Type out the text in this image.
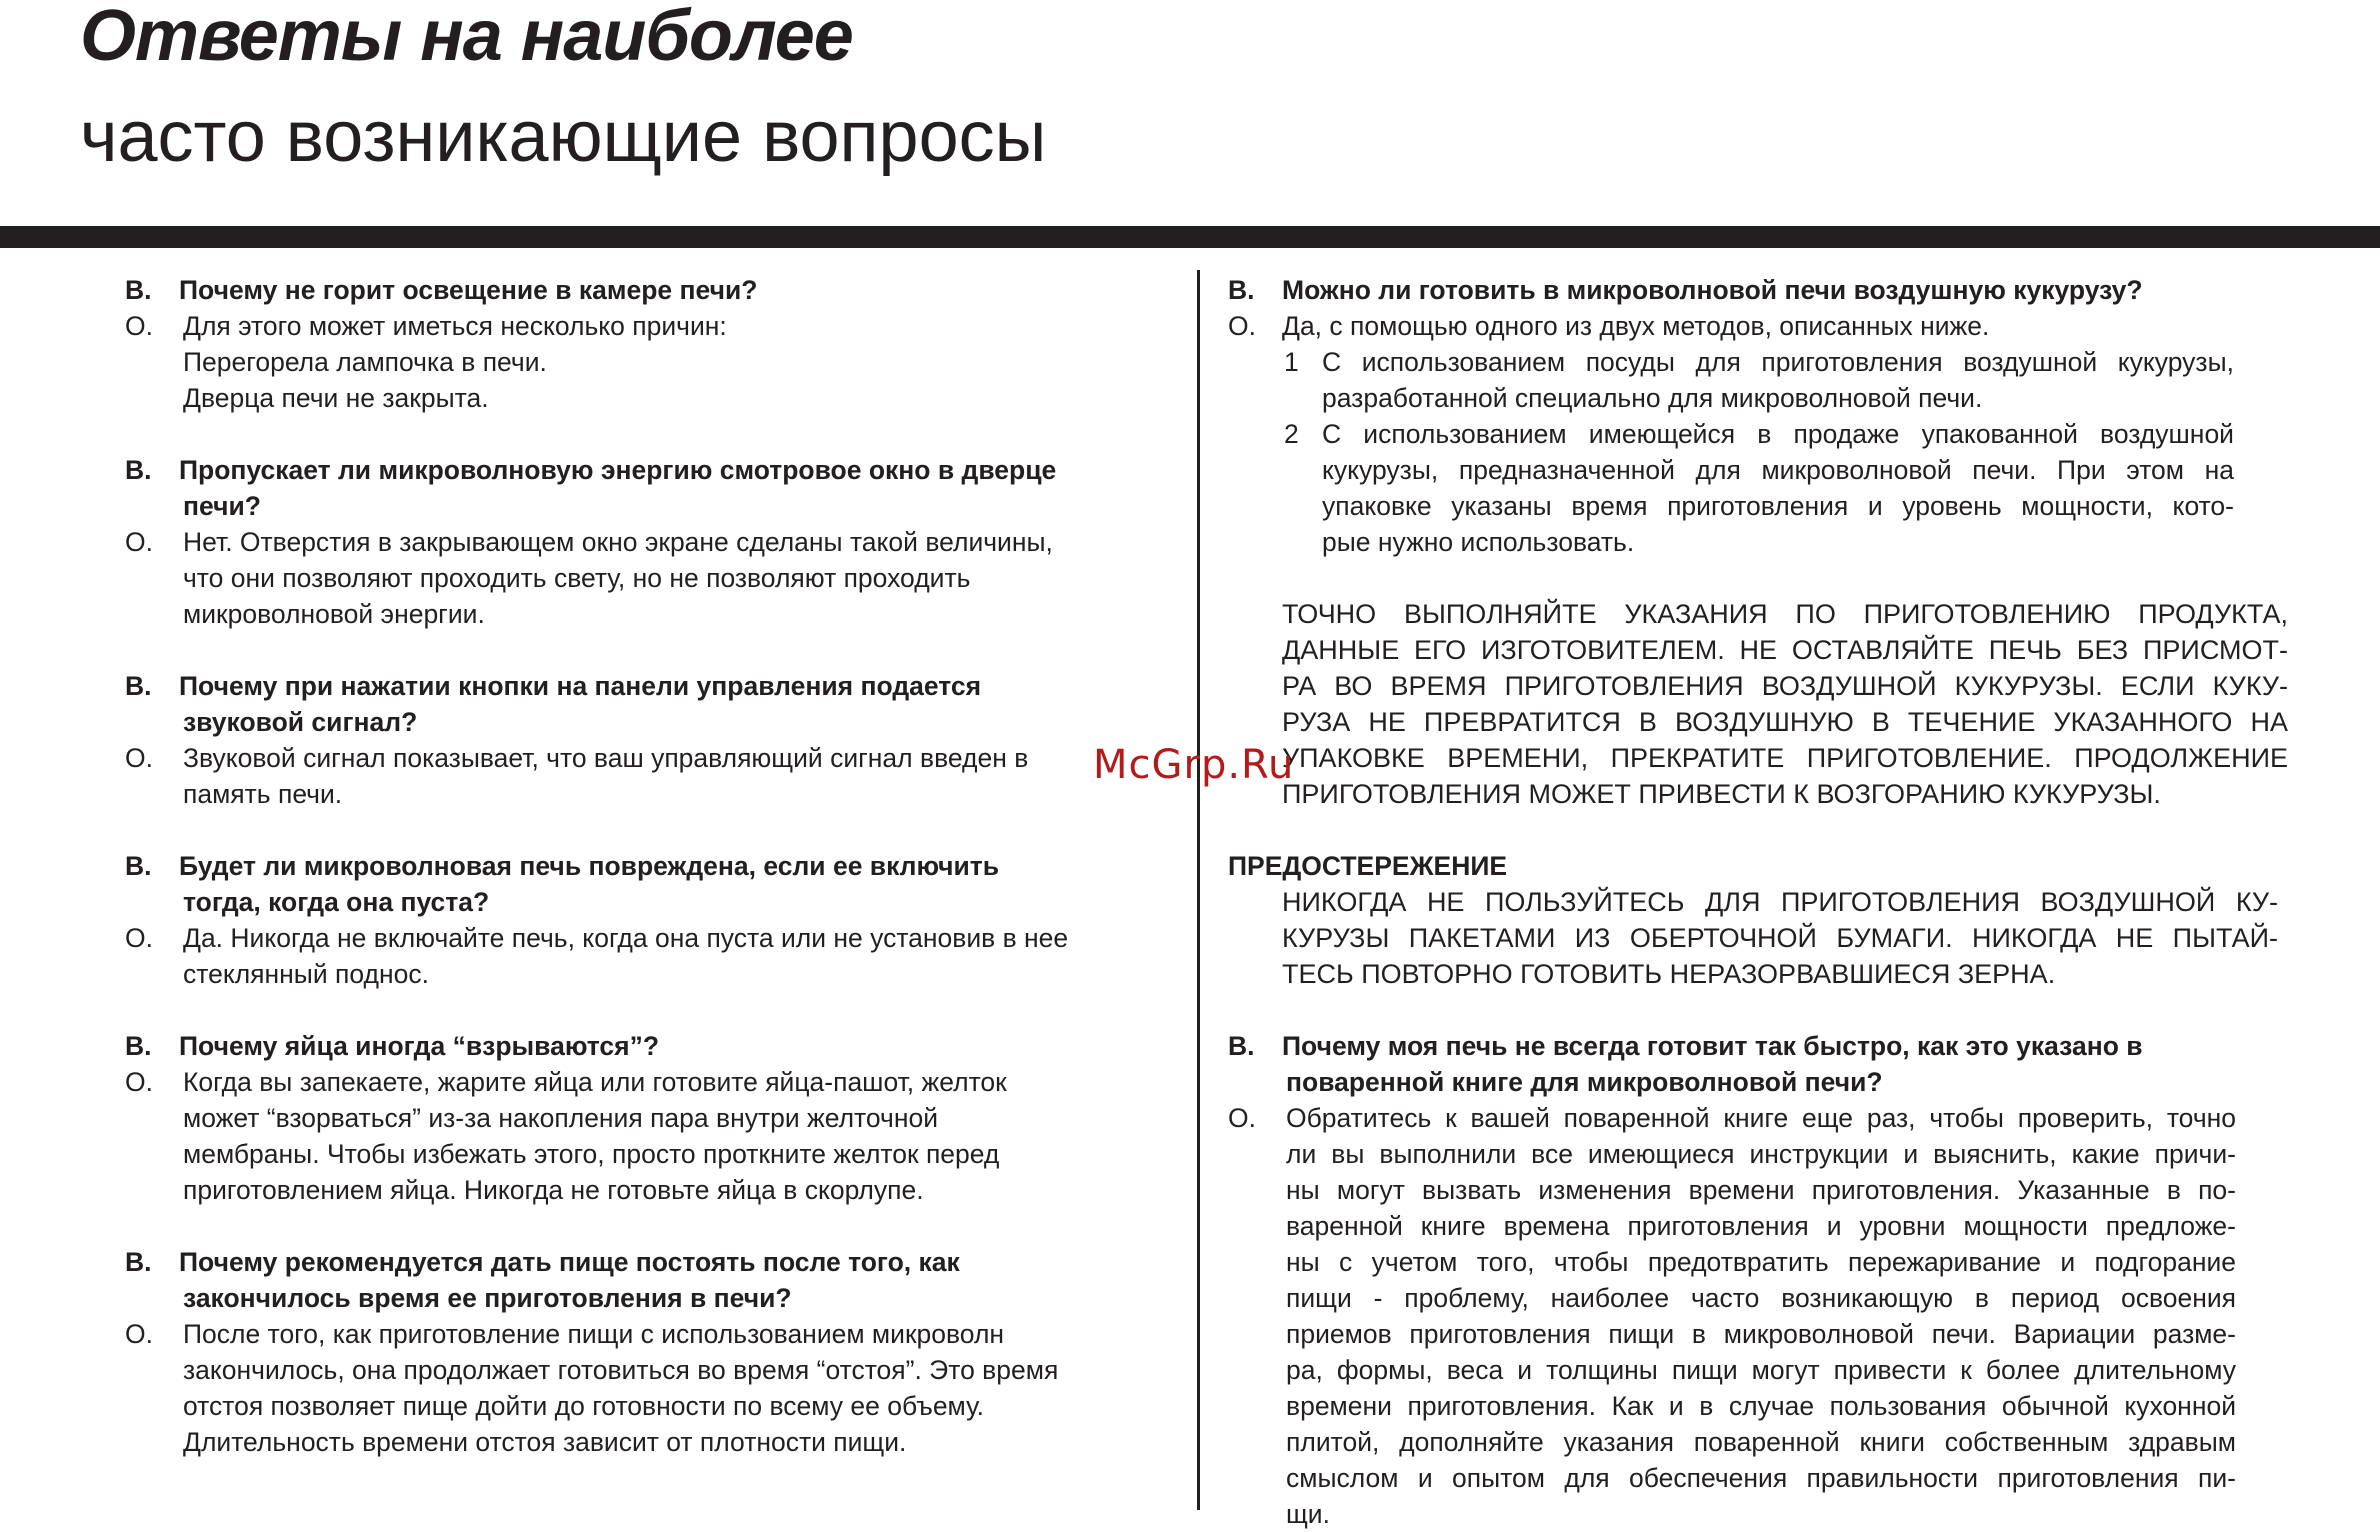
Ответы на наиболее
часто возникающие вопросы
В.	Почему не горит освещение в камере печи?
О.	Для этого может иметься несколько причин:
Перегорела лампочка в печи.
Дверца печи не закрыта.
В.	Пропускает ли микроволновую энергию смотровое окно в дверце
печи?
О.	Нет. Отверстия в закрывающем окно экране сделаны такой величины,
что они позволяют проходить свету, но не позволяют проходить
микроволновой энергии.
В.	Почему при нажатии кнопки на панели управления подается
звуковой сигнал?
О.	Звуковой сигнал показывает, что ваш управляющий сигнал введен в
память печи.
В.	Будет ли микроволновая печь повреждена, если ее включить
тогда, когда она пуста?
О.	Да. Никогда не включайте печь, когда она пуста или не установив в нее
стеклянный поднос.
В.	Почему яйца иногда “взрываются”?
О.	Когда вы запекаете, жарите яйца или готовите яйца-пашот, желток
может “взорваться” из-за накопления пара внутри желточной
мембраны. Чтобы избежать этого, просто проткните желток перед
приготовлением яйца. Никогда не готовьте яйца в скорлупе.
В.	Почему рекомендуется дать пище постоять после того, как
закончилось время ее приготовления в печи?
О.	После того, как приготовление пищи с использованием микроволн
закончилось, она продолжает готовиться во время “отстоя”. Это время
отстоя позволяет пище дойти до готовности по всему ее объему.
Длительность времени отстоя зависит от плотности пищи.
В.	Можно ли готовить в микроволновой печи воздушную кукурузу?
О. Да, с помощью одного из двух методов, описанных ниже.
1 С использованием посуды для приготовления воздушной кукурузы,
разработанной специально для микроволновой печи.
2 С использованием имеющейся в продаже упакованной воздушной
кукурузы, предназначенной для микроволновой печи. При этом на
упаковке указаны время приготовления и уровень мощности, кото-
рые нужно использовать.
ТОЧНО ВЫПОЛНЯЙТЕ УКАЗАНИЯ ПО ПРИГОТОВЛЕНИЮ ПРОДУКТА,
ДАННЫЕ ЕГО ИЗГОТОВИТЕЛЕМ. НЕ ОСТАВЛЯЙТЕ ПЕЧЬ БЕЗ ПРИСМОТ-
РА ВО ВРЕМЯ ПРИГОТОВЛЕНИЯ ВОЗДУШНОЙ КУКУРУЗЫ. ЕСЛИ КУКУ-
РУЗА НЕ ПРЕВРАТИТСЯ В ВОЗДУШНУЮ В ТЕЧЕНИЕ УКАЗАННОГО НА
УПАКОВКЕ ВРЕМЕНИ, ПРЕКРАТИТЕ ПРИГОТОВЛЕНИЕ. ПРОДОЛЖЕНИЕ
ПРИГОТОВЛЕНИЯ МОЖЕТ ПРИВЕСТИ К ВОЗГОРАНИЮ КУКУРУЗЫ.
ПРЕДОСТЕРЕЖЕНИЕ
НИКОГДА НЕ ПОЛЬЗУЙТЕСЬ ДЛЯ ПРИГОТОВЛЕНИЯ ВОЗДУШНОЙ КУ-
КУРУЗЫ ПАКЕТАМИ ИЗ ОБЕРТОЧНОЙ БУМАГИ. НИКОГДА НЕ ПЫТАЙ-
ТЕСЬ ПОВТОРНО ГОТОВИТЬ НЕРАЗОРВАВШИЕСЯ ЗЕРНА.
В.	Почему моя печь не всегда готовит так быстро, как это указано в
поваренной книге для микроволновой печи?
О.	Обратитесь к вашей поваренной книге еще раз, чтобы проверить, точно
ли вы выполнили все имеющиеся инструкции и выяснить, какие причи-
ны могут вызвать изменения времени приготовления. Указанные в по-
варенной книге времена приготовления и уровни мощности предложе-
ны с учетом того, чтобы предотвратить пережаривание и подгорание
пищи - проблему, наиболее часто возникающую в период освоения
приемов приготовления пищи в микроволновой печи. Вариации разме-
ра, формы, веса и толщины пищи могут привести к более длительному
времени приготовления. Как и в случае пользования обычной кухонной
плитой, дополняйте указания поваренной книги собственным здравым
смыслом и опытом для обеспечения правильности приготовления пи-
щи.
McGrp.Ru
